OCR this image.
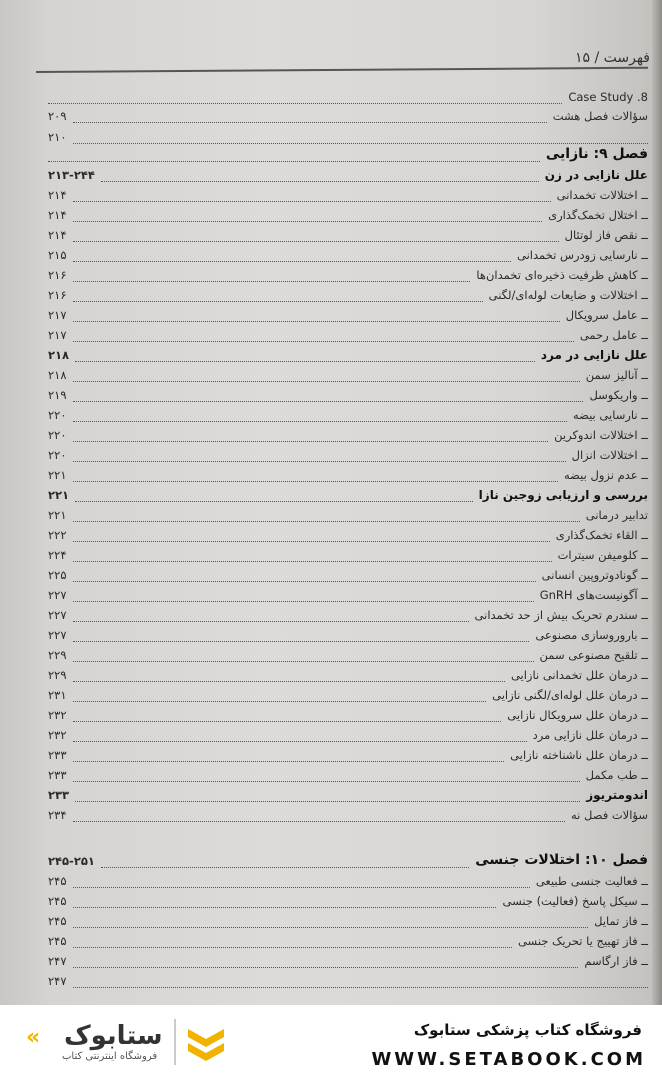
فهرست / ۱۵
Case Study .8
سؤالات فصل هشت
۲۰۹
۲۱۰
فصل ۹: نازایی
علل نازایی در زن
۲۱۳-۲۴۴
ــ اختلالات تخمدانی
۲۱۴
ــ اختلال تخمک‌گذاری
۲۱۴
ــ نقص فاز لوتئال
۲۱۴
ــ نارسایی زودرس تخمدانی
۲۱۵
ــ کاهش ظرفیت ذخیره‌ای تخمدان‌ها
۲۱۶
ــ اختلالات و ضایعات لوله‌ای/لگنی
۲۱۶
ــ عامل سرویکال
۲۱۷
ــ عامل رحمی
۲۱۷
علل نازایی در مرد
۲۱۸
ــ آنالیز سمن
۲۱۸
ــ واریکوسل
۲۱۹
ــ نارسایی بیضه
۲۲۰
ــ اختلالات اندوکرین
۲۲۰
ــ اختلالات انزال
۲۲۰
ــ عدم نزول بیضه
۲۲۱
بررسی و ارزیابی زوجین نازا
۲۲۱
تدابیر درمانی
۲۲۱
ــ القاء تخمک‌گذاری
۲۲۲
ــ کلومیفن سیترات
۲۲۴
ــ گونادوتروپین انسانی
۲۲۵
ــ آگونیست‌های GnRH
۲۲۷
ــ سندرم تحریک بیش از حد تخمدانی
۲۲۷
ــ باروروسازی مصنوعی
۲۲۷
ــ تلقیح مصنوعی سمن
۲۲۹
ــ درمان علل تخمدانی نازایی
۲۲۹
ــ درمان علل لوله‌ای/لگنی نازایی
۲۳۱
ــ درمان علل سرویکال نازایی
۲۳۲
ــ درمان علل نازایی مرد
۲۳۲
ــ درمان علل ناشناخته نازایی
۲۳۳
ــ طب مکمل
۲۳۳
اندومتریوز
۲۳۳
سؤالات فصل نه
۲۳۴
فصل ۱۰: اختلالات جنسی
۲۴۵-۲۵۱
ــ فعالیت جنسی طبیعی
۲۴۵
ــ سیکل پاسخ (فعالیت) جنسی
۲۴۵
ــ فاز تمایل
۲۴۵
ــ فاز تهییج یا تحریک جنسی
۲۴۵
ــ فاز ارگاسم
۲۴۷
۲۴۷
« ستابوک
فروشگاه اینترنتی کتاب
فروشگاه کتاب پزشکی ستابوک
WWW.SETABOOK.COM
